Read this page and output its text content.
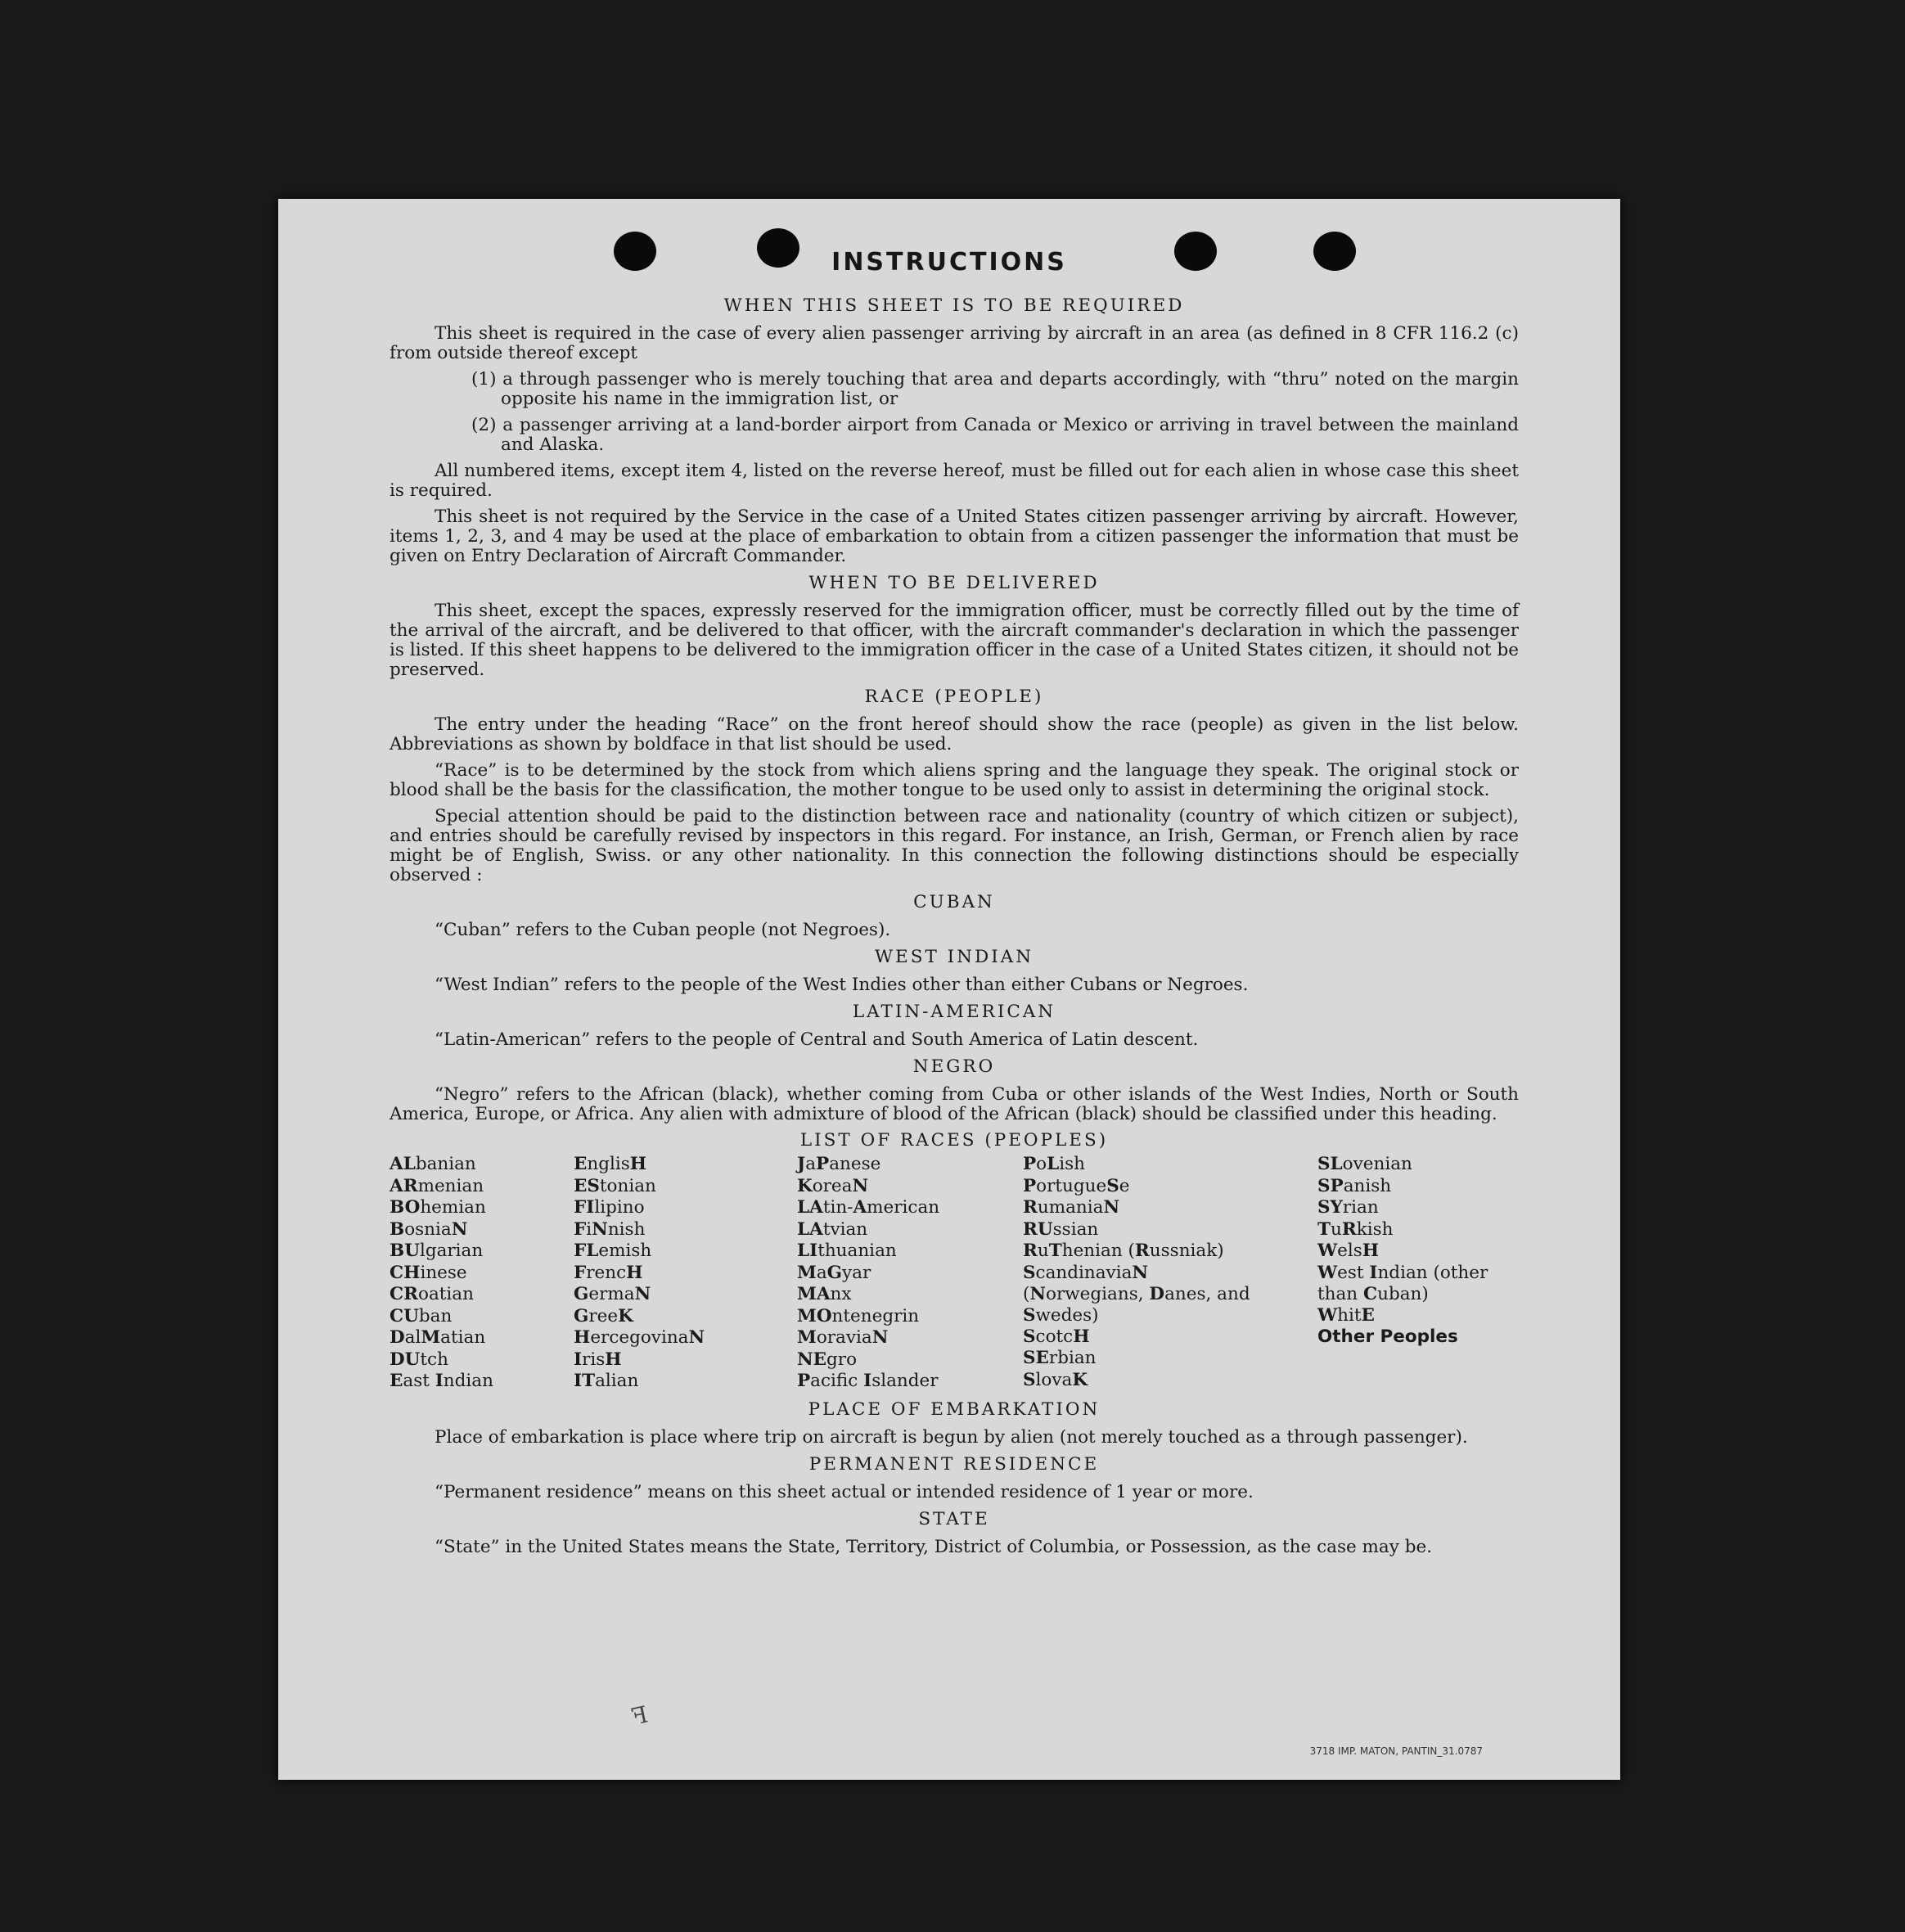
INSTRUCTIONS
WHEN THIS SHEET IS TO BE REQUIRED
This sheet is required in the case of every alien passenger arriving by aircraft in an area (as defined in 8 CFR 116.2 (c) from outside thereof except
(1) a through passenger who is merely touching that area and departs accordingly, with “thru” noted on the margin opposite his name in the immigration list, or
(2) a passenger arriving at a land-border airport from Canada or Mexico or arriving in travel between the mainland and Alaska.
All numbered items, except item 4, listed on the reverse hereof, must be filled out for each alien in whose case this sheet is required.
This sheet is not required by the Service in the case of a United States citizen passenger arriving by aircraft. However, items 1, 2, 3, and 4 may be used at the place of embarkation to obtain from a citizen passenger the information that must be given on Entry Declaration of Aircraft Commander.
WHEN TO BE DELIVERED
This sheet, except the spaces, expressly reserved for the immigration officer, must be correctly filled out by the time of the arrival of the aircraft, and be delivered to that officer, with the aircraft commander's declaration in which the passenger is listed. If this sheet happens to be delivered to the immigration officer in the case of a United States citizen, it should not be preserved.
RACE (PEOPLE)
The entry under the heading “Race” on the front hereof should show the race (people) as given in the list below. Abbreviations as shown by boldface in that list should be used.
“Race” is to be determined by the stock from which aliens spring and the language they speak. The original stock or blood shall be the basis for the classification, the mother tongue to be used only to assist in determining the original stock.
Special attention should be paid to the distinction between race and nationality (country of which citizen or subject), and entries should be carefully revised by inspectors in this regard. For instance, an Irish, German, or French alien by race might be of English, Swiss. or any other nationality. In this connection the following distinctions should be especially observed :
CUBAN
“Cuban” refers to the Cuban people (not Negroes).
WEST INDIAN
“West Indian” refers to the people of the West Indies other than either Cubans or Negroes.
LATIN-AMERICAN
“Latin-American” refers to the people of Central and South America of Latin descent.
NEGRO
“Negro” refers to the African (black), whether coming from Cuba or other islands of the West Indies, North or South America, Europe, or Africa. Any alien with admixture of blood of the African (black) should be classified under this heading.
LIST OF RACES (PEOPLES)
ALbanian
ARmenian
BOhemian
BosniaN
BUlgarian
CHinese
CRoatian
CUban
DalMatian
DUtch
East Indian
EnglisH
EStonian
FIlipino
FiNnish
FLemish
FrencH
GermaN
GreeK
HercegovinaN
IrisH
ITalian
JaPanese
KoreaN
LAtin-American
LAtvian
LIthuanian
MaGyar
MAnx
MOntenegrin
MoraviaN
NEgro
Pacific Islander
PoLish
PortugueSe
RumaniaN
RUssian
RuThenian (Russniak)
ScandinaviaN (Norwegians, Danes, and Swedes)
ScotcH
SErbian
SlovaK
SLovenian
SPanish
SYrian
TuRkish
WelsH
West Indian (other than Cuban)
WhitE
Other Peoples
PLACE OF EMBARKATION
Place of embarkation is place where trip on aircraft is begun by alien (not merely touched as a through passenger).
PERMANENT RESIDENCE
“Permanent residence” means on this sheet actual or intended residence of 1 year or more.
STATE
“State” in the United States means the State, Territory, District of Columbia, or Possession, as the case may be.
ꟻ
3718 IMP. MATON, PANTIN_31.0787
